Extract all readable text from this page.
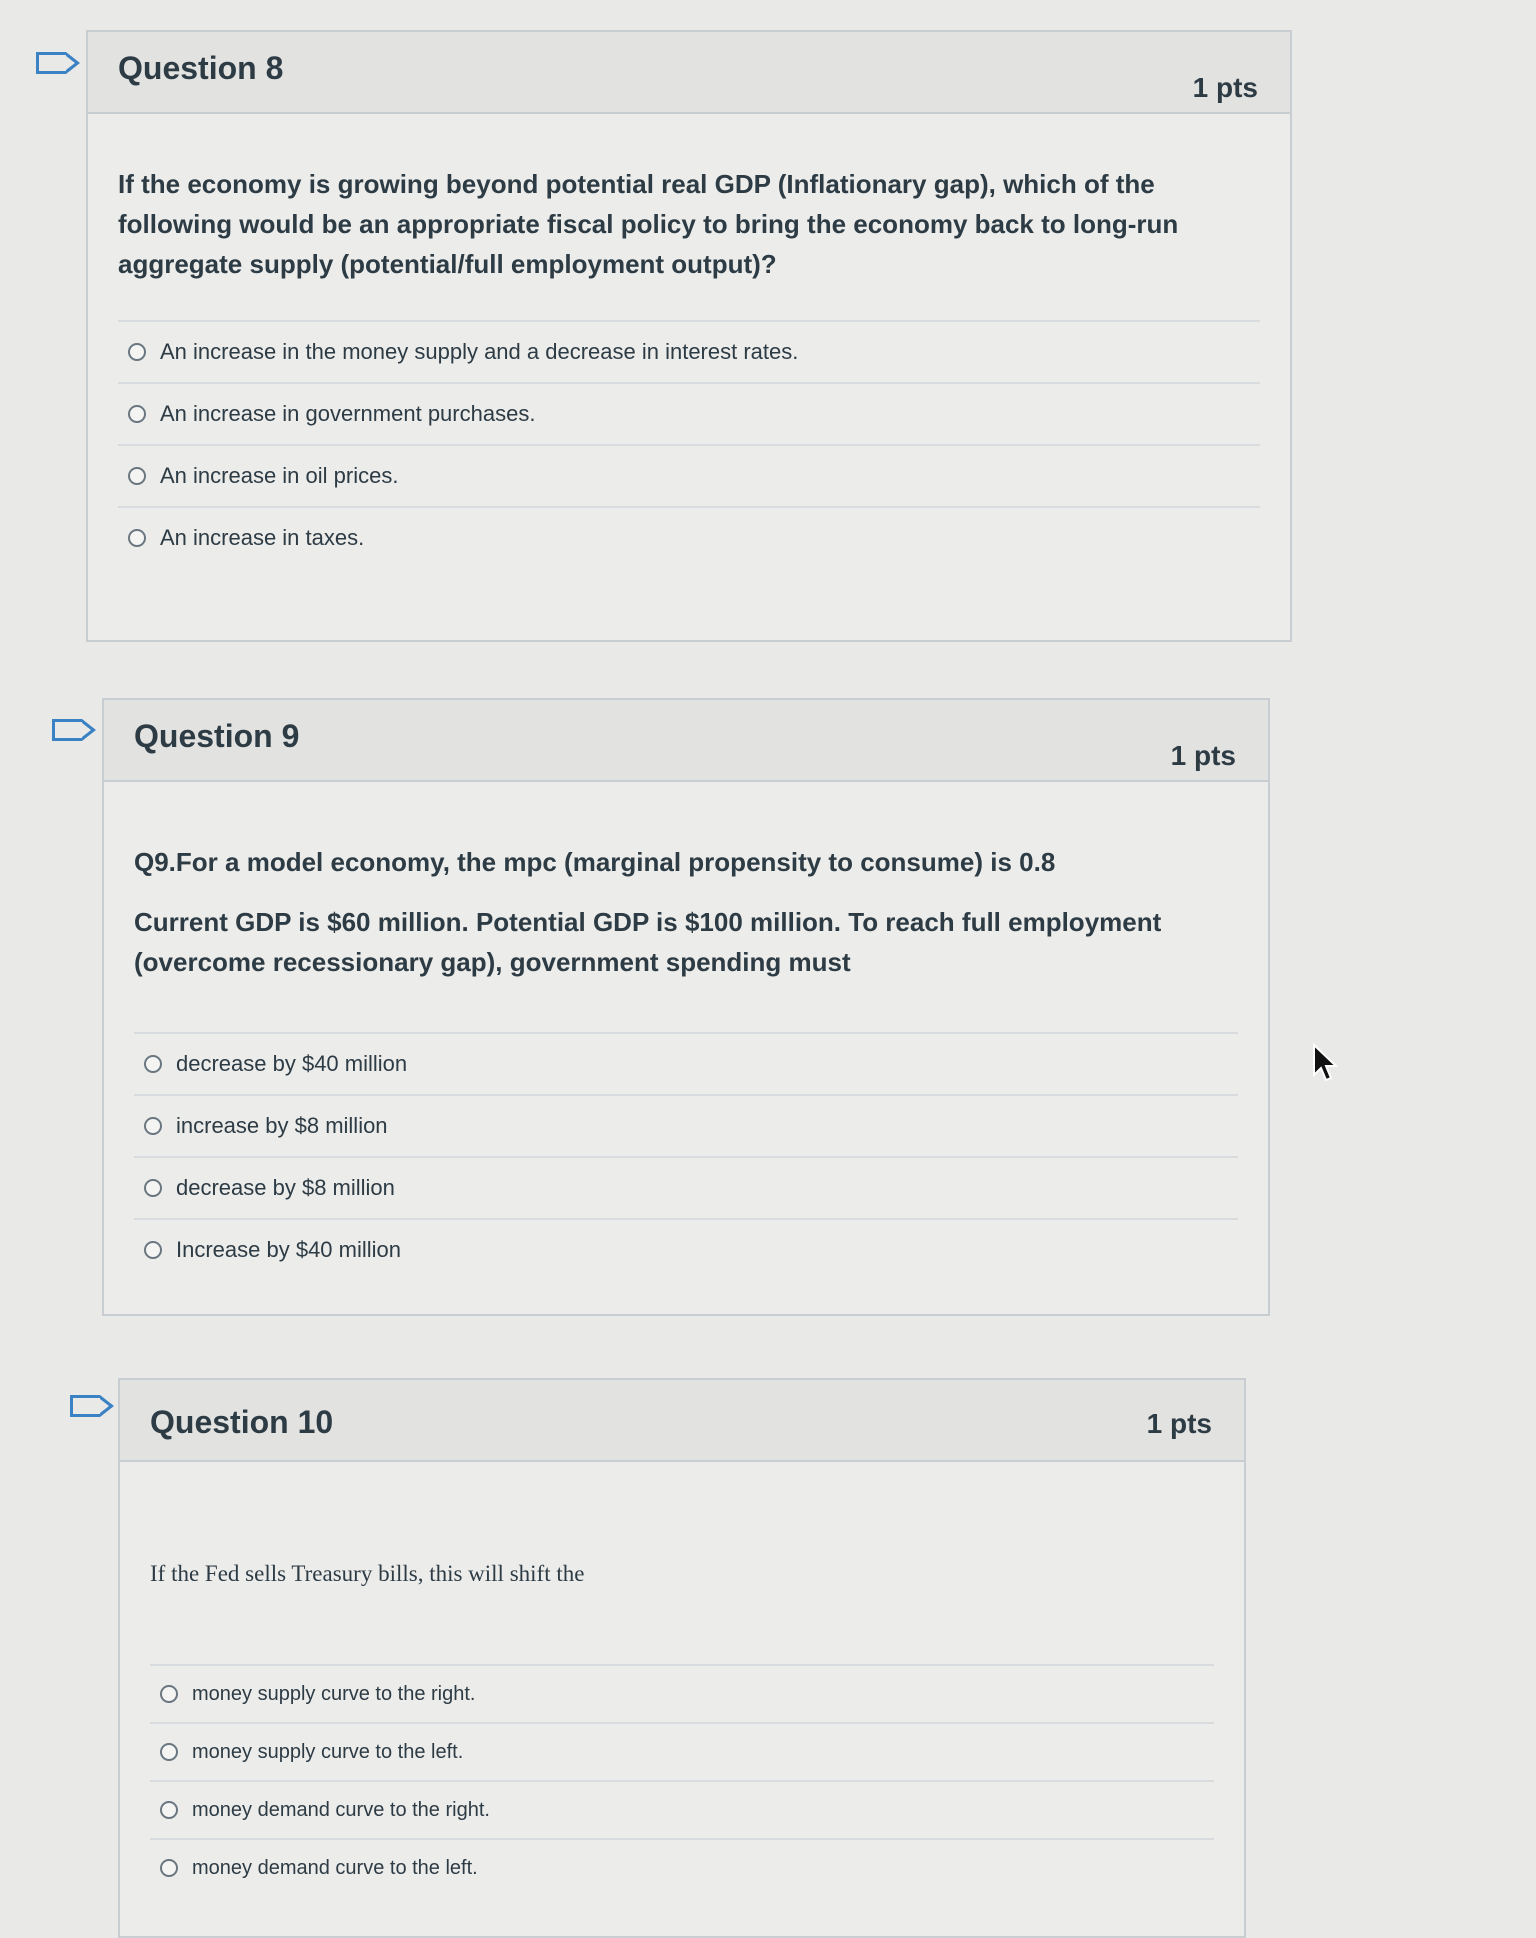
Question 8
1 pts

If the economy is growing beyond potential real GDP (Inflationary gap), which of the following would be an appropriate fiscal policy to bring the economy back to long-run aggregate supply (potential/full employment output)?

An increase in the money supply and a decrease in interest rates.
An increase in government purchases.
An increase in oil prices.
An increase in taxes.
Question 9
1 pts

Q9.For a model economy, the mpc (marginal propensity to consume) is 0.8

Current GDP is $60 million. Potential GDP is $100 million. To reach full employment (overcome recessionary gap), government spending must

decrease by $40 million
increase by $8 million
decrease by $8 million
Increase by $40 million
Question 10	1 pts

If the Fed sells Treasury bills, this will shift the

money supply curve to the right.
money supply curve to the left.
money demand curve to the right.
money demand curve to the left.
